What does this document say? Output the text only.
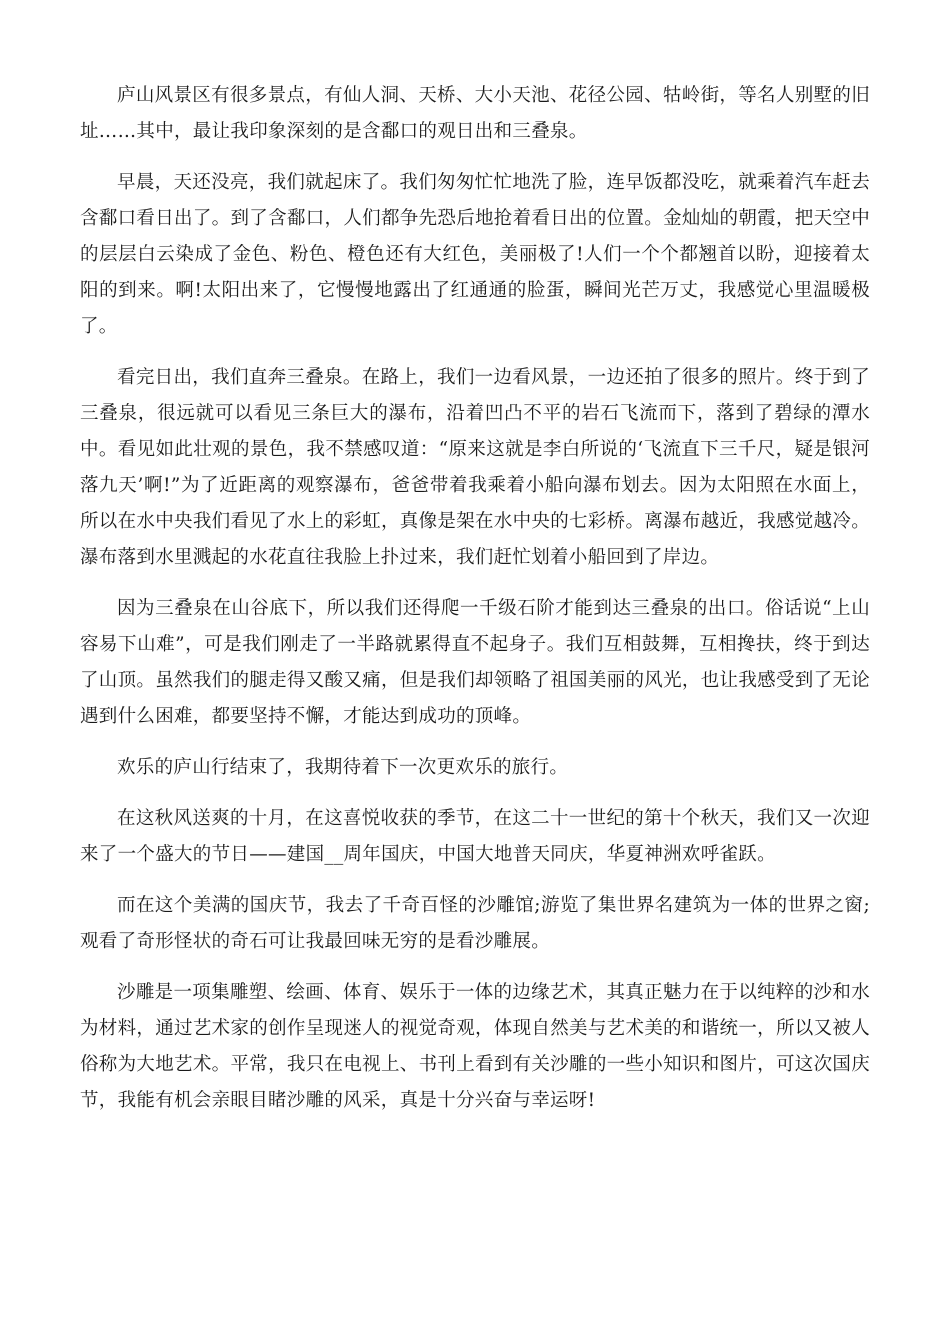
庐山风景区有很多景点，有仙人洞、天桥、大小天池、花径公园、牯岭街，等名人别墅的旧址……其中，最让我印象深刻的是含鄱口的观日出和三叠泉。

早晨，天还没亮，我们就起床了。我们匆匆忙忙地洗了脸，连早饭都没吃，就乘着汽车赶去含鄱口看日出了。到了含鄱口，人们都争先恐后地抢着看日出的位置。金灿灿的朝霞，把天空中的层层白云染成了金色、粉色、橙色还有大红色，美丽极了!人们一个个都翘首以盼，迎接着太阳的到来。啊!太阳出来了，它慢慢地露出了红通通的脸蛋，瞬间光芒万丈，我感觉心里温暖极了。

看完日出，我们直奔三叠泉。在路上，我们一边看风景，一边还拍了很多的照片。终于到了三叠泉，很远就可以看见三条巨大的瀑布，沿着凹凸不平的岩石飞流而下，落到了碧绿的潭水中。看见如此壮观的景色，我不禁感叹道：“原来这就是李白所说的‘飞流直下三千尺，疑是银河落九天’啊!”为了近距离的观察瀑布，爸爸带着我乘着小船向瀑布划去。因为太阳照在水面上，所以在水中央我们看见了水上的彩虹，真像是架在水中央的七彩桥。离瀑布越近，我感觉越冷。瀑布落到水里溅起的水花直往我脸上扑过来，我们赶忙划着小船回到了岸边。

因为三叠泉在山谷底下，所以我们还得爬一千级石阶才能到达三叠泉的出口。俗话说“上山容易下山难”，可是我们刚走了一半路就累得直不起身子。我们互相鼓舞，互相搀扶，终于到达了山顶。虽然我们的腿走得又酸又痛，但是我们却领略了祖国美丽的风光，也让我感受到了无论遇到什么困难，都要坚持不懈，才能达到成功的顶峰。

欢乐的庐山行结束了，我期待着下一次更欢乐的旅行。

在这秋风送爽的十月，在这喜悦收获的季节，在这二十一世纪的第十个秋天，我们又一次迎来了一个盛大的节日——建国__周年国庆，中国大地普天同庆，华夏神洲欢呼雀跃。

而在这个美满的国庆节，我去了千奇百怪的沙雕馆;游览了集世界名建筑为一体的世界之窗;观看了奇形怪状的奇石可让我最回味无穷的是看沙雕展。

沙雕是一项集雕塑、绘画、体育、娱乐于一体的边缘艺术，其真正魅力在于以纯粹的沙和水为材料，通过艺术家的创作呈现迷人的视觉奇观，体现自然美与艺术美的和谐统一，所以又被人俗称为大地艺术。平常，我只在电视上、书刊上看到有关沙雕的一些小知识和图片，可这次国庆节，我能有机会亲眼目睹沙雕的风采，真是十分兴奋与幸运呀!
